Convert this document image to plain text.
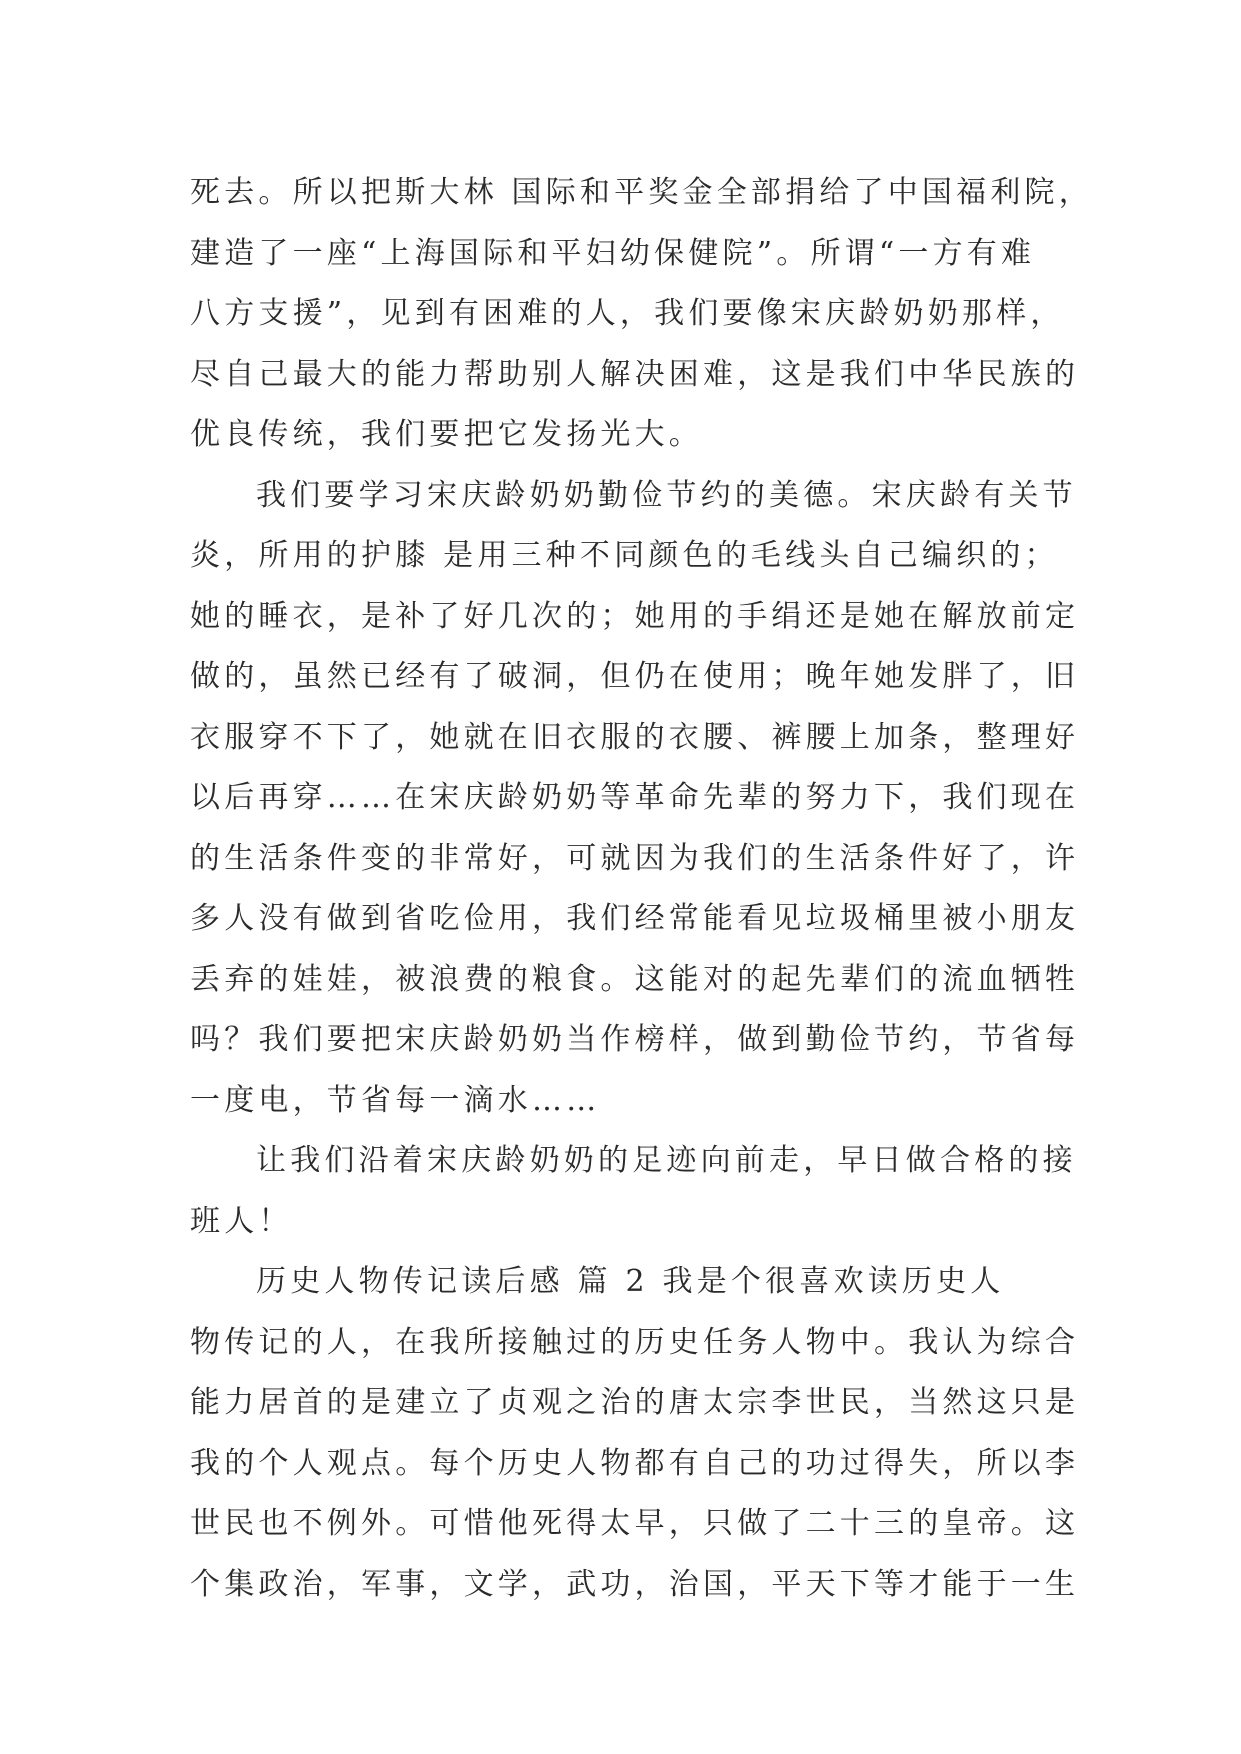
死去。所以把斯大林 国际和平奖金全部捐给了中国福利院，
建造了一座“上海国际和平妇幼保健院”。所谓“一方有难
八方支援”，见到有困难的人，我们要像宋庆龄奶奶那样，
尽自己最大的能力帮助别人解决困难，这是我们中华民族的
优良传统，我们要把它发扬光大。
我们要学习宋庆龄奶奶勤俭节约的美德。宋庆龄有关节
炎，所用的护膝 是用三种不同颜色的毛线头自己编织的；
她的睡衣，是补了好几次的；她用的手绢还是她在解放前定
做的，虽然已经有了破洞，但仍在使用；晚年她发胖了，旧
衣服穿不下了，她就在旧衣服的衣腰、裤腰上加条，整理好
以后再穿……在宋庆龄奶奶等革命先辈的努力下，我们现在
的生活条件变的非常好，可就因为我们的生活条件好了，许
多人没有做到省吃俭用，我们经常能看见垃圾桶里被小朋友
丢弃的娃娃，被浪费的粮食。这能对的起先辈们的流血牺牲
吗？我们要把宋庆龄奶奶当作榜样，做到勤俭节约，节省每
一度电，节省每一滴水……
让我们沿着宋庆龄奶奶的足迹向前走，早日做合格的接
班人！
历史人物传记读后感 篇 2 我是个很喜欢读历史人
物传记的人，在我所接触过的历史任务人物中。我认为综合
能力居首的是建立了贞观之治的唐太宗李世民，当然这只是
我的个人观点。每个历史人物都有自己的功过得失，所以李
世民也不例外。可惜他死得太早，只做了二十三的皇帝。这
个集政治，军事，文学，武功，治国，平天下等才能于一生
